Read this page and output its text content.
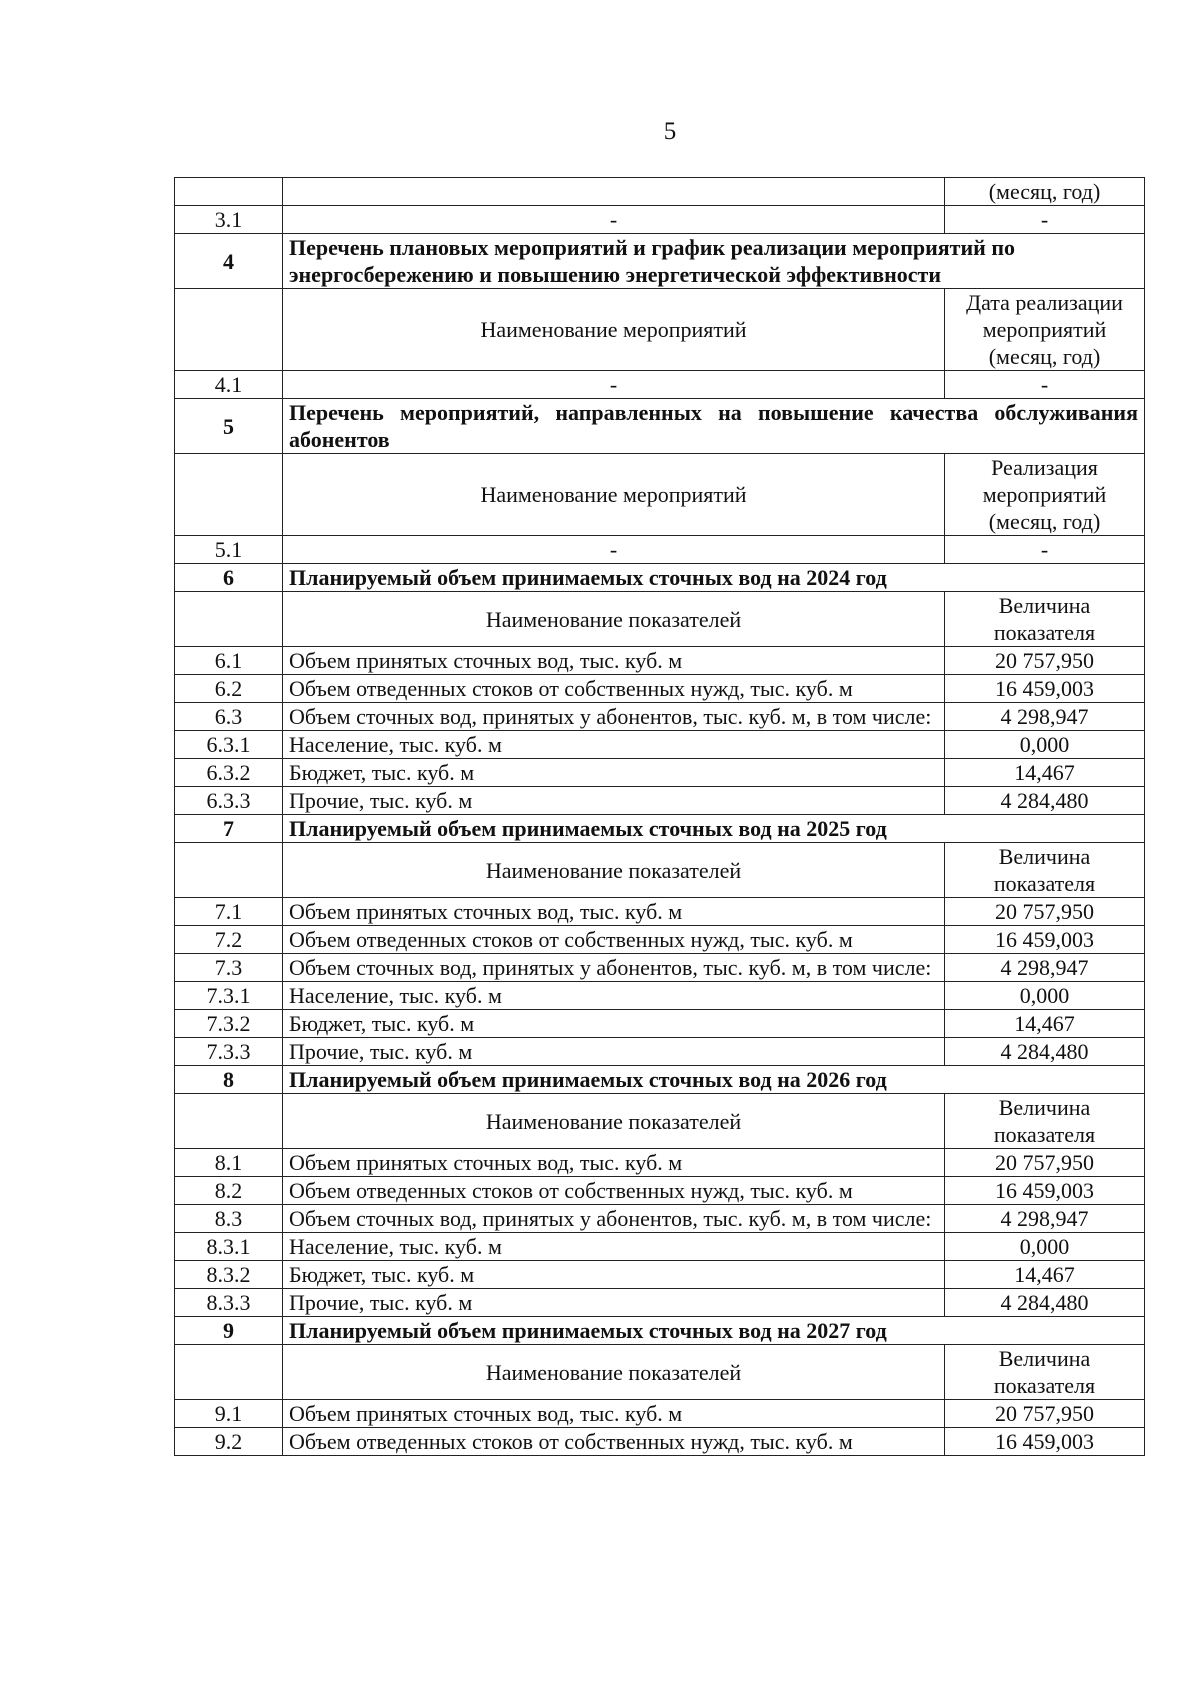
5
		(месяц, год)
3.1	-	-
4	Перечень плановых мероприятий и график реализации мероприятий по энергосбережению и повышению энергетической эффективности	
	Наименование мероприятий	Дата реализации мероприятий (месяц, год)
4.1	-	-
5	Перечень мероприятий, направленных на повышение качества обслуживания абонентов	
	Наименование мероприятий	Реализация мероприятий (месяц, год)
5.1	-	-
6	Планируемый объем принимаемых сточных вод на 2024 год	
	Наименование показателей	Величина показателя
6.1	Объем принятых сточных вод, тыс. куб. м	20 757,950
6.2	Объем отведенных стоков от собственных нужд, тыс. куб. м	16 459,003
6.3	Объем сточных вод, принятых у абонентов, тыс. куб. м, в том числе:	4 298,947
6.3.1	Население, тыс. куб. м	0,000
6.3.2	Бюджет, тыс. куб. м	14,467
6.3.3	Прочие, тыс. куб. м	4 284,480
7	Планируемый объем принимаемых сточных вод на 2025 год	
	Наименование показателей	Величина показателя
7.1	Объем принятых сточных вод, тыс. куб. м	20 757,950
7.2	Объем отведенных стоков от собственных нужд, тыс. куб. м	16 459,003
7.3	Объем сточных вод, принятых у абонентов, тыс. куб. м, в том числе:	4 298,947
7.3.1	Население, тыс. куб. м	0,000
7.3.2	Бюджет, тыс. куб. м	14,467
7.3.3	Прочие, тыс. куб. м	4 284,480
8	Планируемый объем принимаемых сточных вод на 2026 год	
	Наименование показателей	Величина показателя
8.1	Объем принятых сточных вод, тыс. куб. м	20 757,950
8.2	Объем отведенных стоков от собственных нужд, тыс. куб. м	16 459,003
8.3	Объем сточных вод, принятых у абонентов, тыс. куб. м, в том числе:	4 298,947
8.3.1	Население, тыс. куб. м	0,000
8.3.2	Бюджет, тыс. куб. м	14,467
8.3.3	Прочие, тыс. куб. м	4 284,480
9	Планируемый объем принимаемых сточных вод на 2027 год	
	Наименование показателей	Величина показателя
9.1	Объем принятых сточных вод, тыс. куб. м	20 757,950
9.2	Объем отведенных стоков от собственных нужд, тыс. куб. м	16 459,003
